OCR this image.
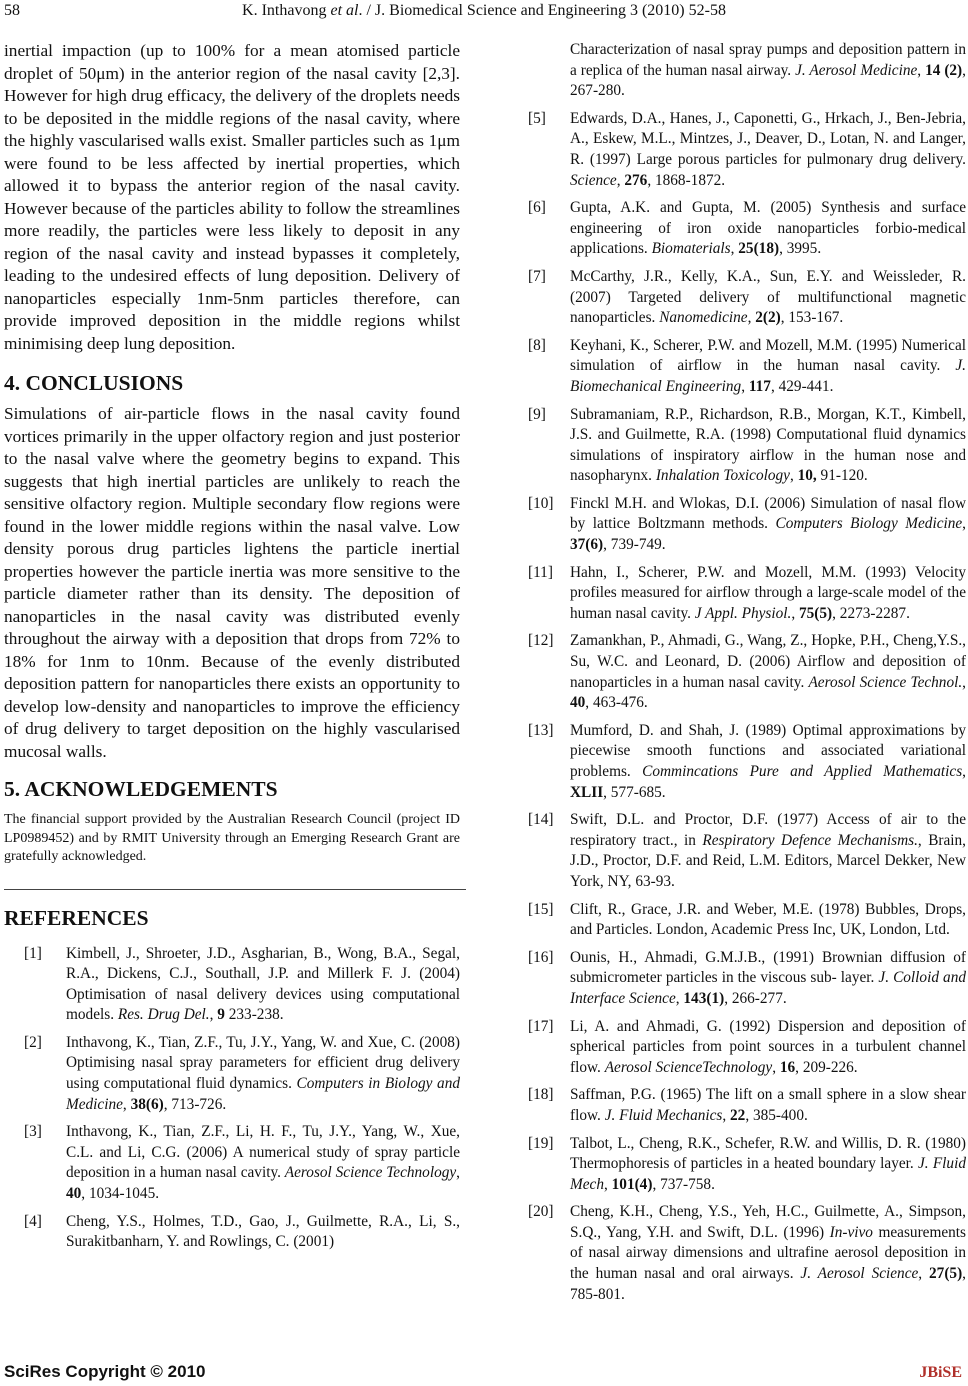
58	K. Inthavong et al. / J. Biomedical Science and Engineering 3 (2010) 52-58

inertial impaction (up to 100% for a mean atomised particle droplet of 50μm) in the anterior region of the nasal cavity [2,3]. However for high drug efficacy, the delivery of the droplets needs to be deposited in the middle regions of the nasal cavity, where the highly vascularised walls exist. Smaller particles such as 1μm were found to be less affected by inertial properties, which allowed it to bypass the anterior region of the nasal cavity. However because of the particles ability to follow the streamlines more readily, the particles were less likely to deposit in any region of the nasal cavity and instead bypasses it completely, leading to the undesired effects of lung deposition. Delivery of nanoparticles especially 1nm-5nm particles therefore, can provide improved deposition in the middle regions whilst minimising deep lung deposition.

4. CONCLUSIONS

Simulations of air-particle flows in the nasal cavity found vortices primarily in the upper olfactory region and just posterior to the nasal valve where the geometry begins to expand. This suggests that high inertial particles are unlikely to reach the sensitive olfactory region. Multiple secondary flow regions were found in the lower middle regions within the nasal valve. Low density porous drug particles lightens the particle inertial properties however the particle inertia was more sensitive to the particle diameter rather than its density. The deposition of nanoparticles in the nasal cavity was distributed evenly throughout the airway with a deposition that drops from 72% to 18% for 1nm to 10nm. Because of the evenly distributed deposition pattern for nanoparticles there exists an opportunity to develop low-density and nanoparticles to improve the efficiency of drug delivery to target deposition on the highly vascularised mucosal walls.

5. ACKNOWLEDGEMENTS

The financial support provided by the Australian Research Council (project ID LP0989452) and by RMIT University through an Emerging Research Grant are gratefully acknowledged.

REFERENCES
[1]	Kimbell, J., Shroeter, J.D., Asgharian, B., Wong, B.A., Segal, R.A., Dickens, C.J., Southall, J.P. and Millerk F. J. (2004) Optimisation of nasal delivery devices using computational models. Res. Drug Del., 9 233-238.
[2]	Inthavong, K., Tian, Z.F., Tu, J.Y., Yang, W. and Xue, C. (2008) Optimising nasal spray parameters for efficient drug delivery using computational fluid dynamics. Computers in Biology and Medicine, 38(6), 713-726.
[3]	Inthavong, K., Tian, Z.F., Li, H. F., Tu, J.Y., Yang, W., Xue, C.L. and Li, C.G. (2006) A numerical study of spray particle deposition in a human nasal cavity. Aerosol Science Technology, 40, 1034-1045.
[4]	Cheng, Y.S., Holmes, T.D., Gao, J., Guilmette, R.A., Li, S., Surakitbanharn, Y. and Rowlings, C. (2001)
Characterization of nasal spray pumps and deposition pattern in a replica of the human nasal airway. J. Aerosol Medicine, 14 (2), 267-280.
[5]	Edwards, D.A., Hanes, J., Caponetti, G., Hrkach, J., Ben-Jebria, A., Eskew, M.L., Mintzes, J., Deaver, D., Lotan, N. and Langer, R. (1997) Large porous particles for pulmonary drug delivery. Science, 276, 1868-1872.
[6]	Gupta, A.K. and Gupta, M. (2005) Synthesis and surface engineering of iron oxide nanoparticles forbio-medical applications. Biomaterials, 25(18), 3995.
[7]	McCarthy, J.R., Kelly, K.A., Sun, E.Y. and Weissleder, R. (2007) Targeted delivery of multifunctional magnetic nanoparticles. Nanomedicine, 2(2), 153-167.
[8]	Keyhani, K., Scherer, P.W. and Mozell, M.M. (1995) Numerical simulation of airflow in the human nasal cavity. J. Biomechanical Engineering, 117, 429-441.
[9]	Subramaniam, R.P., Richardson, R.B., Morgan, K.T., Kimbell, J.S. and Guilmette, R.A. (1998) Computational fluid dynamics simulations of inspiratory airflow in the human nose and nasopharynx. Inhalation Toxicology, 10, 91-120.
[10]	Finckl M.H. and Wlokas, D.I. (2006) Simulation of nasal flow by lattice Boltzmann methods. Computers Biology Medicine, 37(6), 739-749.
[11]	Hahn, I., Scherer, P.W. and Mozell, M.M. (1993) Velocity profiles measured for airflow through a large-scale model of the human nasal cavity. J Appl. Physiol., 75(5), 2273-2287.
[12]	Zamankhan, P., Ahmadi, G., Wang, Z., Hopke, P.H., Cheng,Y.S., Su, W.C. and Leonard, D. (2006) Airflow and deposition of nanoparticles in a human nasal cavity. Aerosol Science Technol., 40, 463-476.
[13]	Mumford, D. and Shah, J. (1989) Optimal approximations by piecewise smooth functions and associated variational problems. Commincations Pure and Applied Mathematics, XLII, 577-685.
[14]	Swift, D.L. and Proctor, D.F. (1977) Access of air to the respiratory tract., in Respiratory Defence Mechanisms., Brain, J.D., Proctor, D.F. and Reid, L.M. Editors, Marcel Dekker, New York, NY, 63-93.
[15]	Clift, R., Grace, J.R. and Weber, M.E. (1978) Bubbles, Drops, and Particles. London, Academic Press Inc, UK, London, Ltd.
[16]	Ounis, H., Ahmadi, G.M.J.B., (1991) Brownian diffusion of submicrometer particles in the viscous sub- layer. J. Colloid and Interface Science, 143(1), 266-277.
[17]	Li, A. and Ahmadi, G. (1992) Dispersion and deposition of spherical particles from point sources in a turbulent channel flow. Aerosol ScienceTechnology, 16, 209-226.
[18]	Saffman, P.G. (1965) The lift on a small sphere in a slow shear flow. J. Fluid Mechanics, 22, 385-400.
[19]	Talbot, L., Cheng, R.K., Schefer, R.W. and Willis, D. R. (1980) Thermophoresis of particles in a heated boundary layer. J. Fluid Mech, 101(4), 737-758.
[20]	Cheng, K.H., Cheng, Y.S., Yeh, H.C., Guilmette, A., Simpson, S.Q., Yang, Y.H. and Swift, D.L. (1996) In-vivo measurements of nasal airway dimensions and ultrafine aerosol deposition in the human nasal and oral airways. J. Aerosol Science, 27(5), 785-801.
SciRes Copyright © 2010	JBiSE
